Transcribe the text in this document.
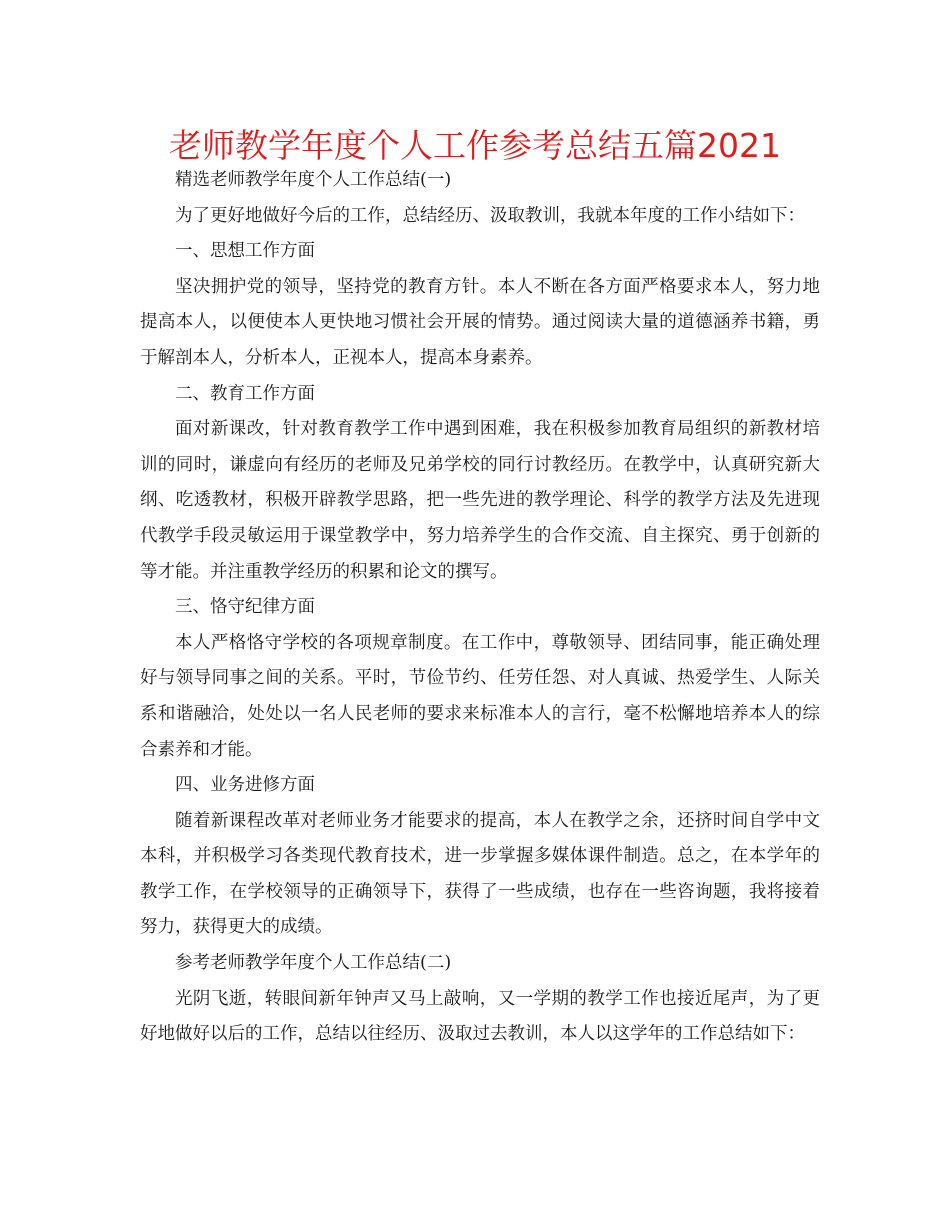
老师教学年度个人工作参考总结五篇2021

精选老师教学年度个人工作总结(一)

为了更好地做好今后的工作，总结经历、汲取教训，我就本年度的工作小结如下：

一、思想工作方面

坚决拥护党的领导，坚持党的教育方针。本人不断在各方面严格要求本人，努力地提高本人，以便使本人更快地习惯社会开展的情势。通过阅读大量的道德涵养书籍，勇于解剖本人，分析本人，正视本人，提高本身素养。

二、教育工作方面

面对新课改，针对教育教学工作中遇到困难，我在积极参加教育局组织的新教材培训的同时，谦虚向有经历的老师及兄弟学校的同行讨教经历。在教学中，认真研究新大纲、吃透教材，积极开辟教学思路，把一些先进的教学理论、科学的教学方法及先进现代教学手段灵敏运用于课堂教学中，努力培养学生的合作交流、自主探究、勇于创新的等才能。并注重教学经历的积累和论文的撰写。

三、恪守纪律方面

本人严格恪守学校的各项规章制度。在工作中，尊敬领导、团结同事，能正确处理好与领导同事之间的关系。平时，节俭节约、任劳任怨、对人真诚、热爱学生、人际关系和谐融洽，处处以一名人民老师的要求来标准本人的言行，毫不松懈地培养本人的综合素养和才能。

四、业务进修方面

随着新课程改革对老师业务才能要求的提高，本人在教学之余，还挤时间自学中文本科，并积极学习各类现代教育技术，进一步掌握多媒体课件制造。总之，在本学年的教学工作，在学校领导的正确领导下，获得了一些成绩，也存在一些咨询题，我将接着努力，获得更大的成绩。

参考老师教学年度个人工作总结(二)

光阴飞逝，转眼间新年钟声又马上敲响，又一学期的教学工作也接近尾声，为了更好地做好以后的工作，总结以往经历、汲取过去教训，本人以这学年的工作总结如下：
